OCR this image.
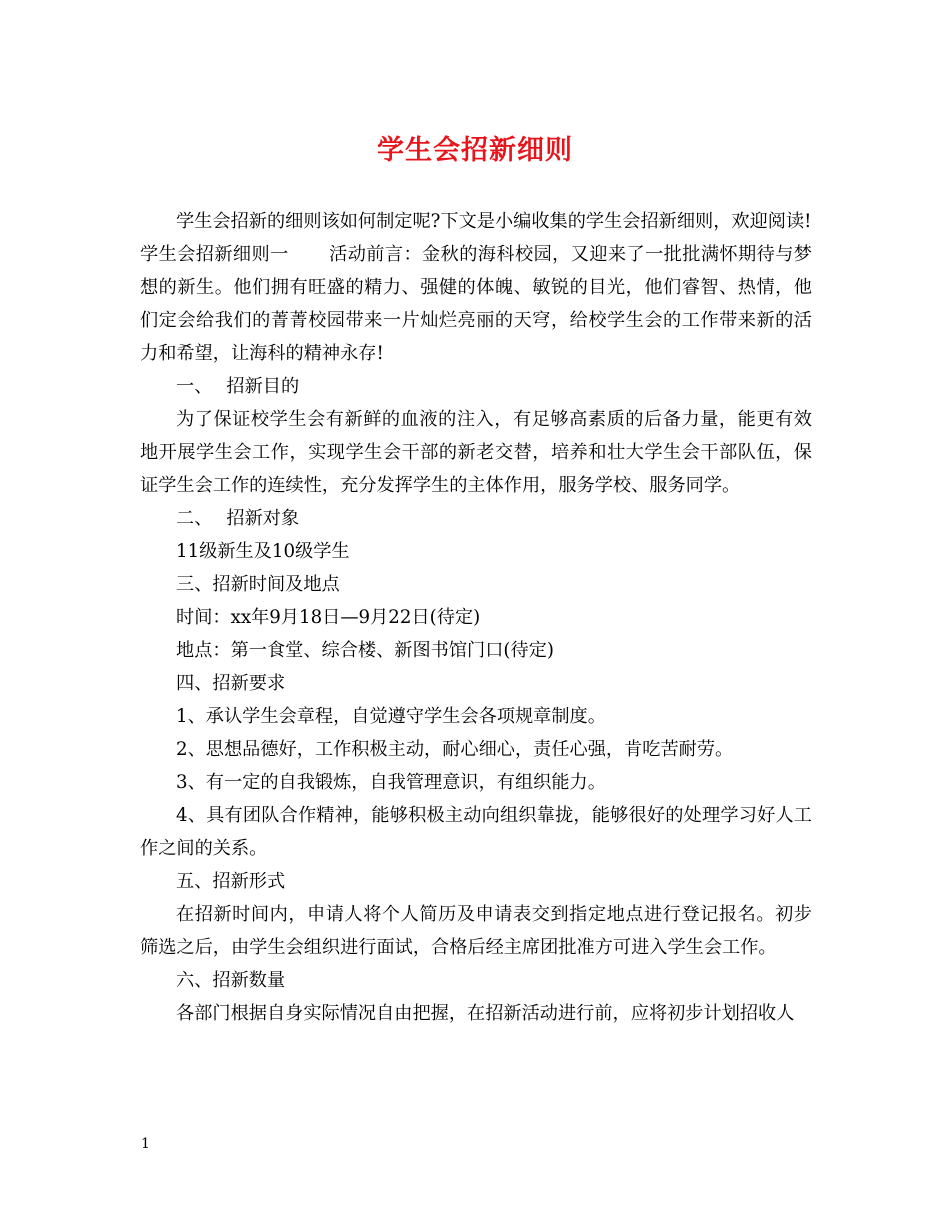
学生会招新细则

学生会招新的细则该如何制定呢?下文是小编收集的学生会招新细则，欢迎阅读!

学生会招新细则一 活动前言：金秋的海科校园，又迎来了一批批满怀期待与梦想的新生。他们拥有旺盛的精力、强健的体魄、敏锐的目光，他们睿智、热情，他们定会给我们的菁菁校园带来一片灿烂亮丽的天穹，给校学生会的工作带来新的活力和希望，让海科的精神永存!

一、 招新目的

为了保证校学生会有新鲜的血液的注入，有足够高素质的后备力量，能更有效地开展学生会工作，实现学生会干部的新老交替，培养和壮大学生会干部队伍，保证学生会工作的连续性，充分发挥学生的主体作用，服务学校、服务同学。

二、 招新对象

11级新生及10级学生

三、招新时间及地点

时间：xx年9月18日—9月22日(待定)

地点：第一食堂、综合楼、新图书馆门口(待定)

四、招新要求

1、承认学生会章程，自觉遵守学生会各项规章制度。

2、思想品德好，工作积极主动，耐心细心，责任心强，肯吃苦耐劳。

3、有一定的自我锻炼，自我管理意识，有组织能力。

4、具有团队合作精神，能够积极主动向组织靠拢，能够很好的处理学习好人工作之间的关系。

五、招新形式

在招新时间内，申请人将个人简历及申请表交到指定地点进行登记报名。初步筛选之后，由学生会组织进行面试，合格后经主席团批准方可进入学生会工作。

六、招新数量

各部门根据自身实际情况自由把握，在招新活动进行前，应将初步计划招收人

1
